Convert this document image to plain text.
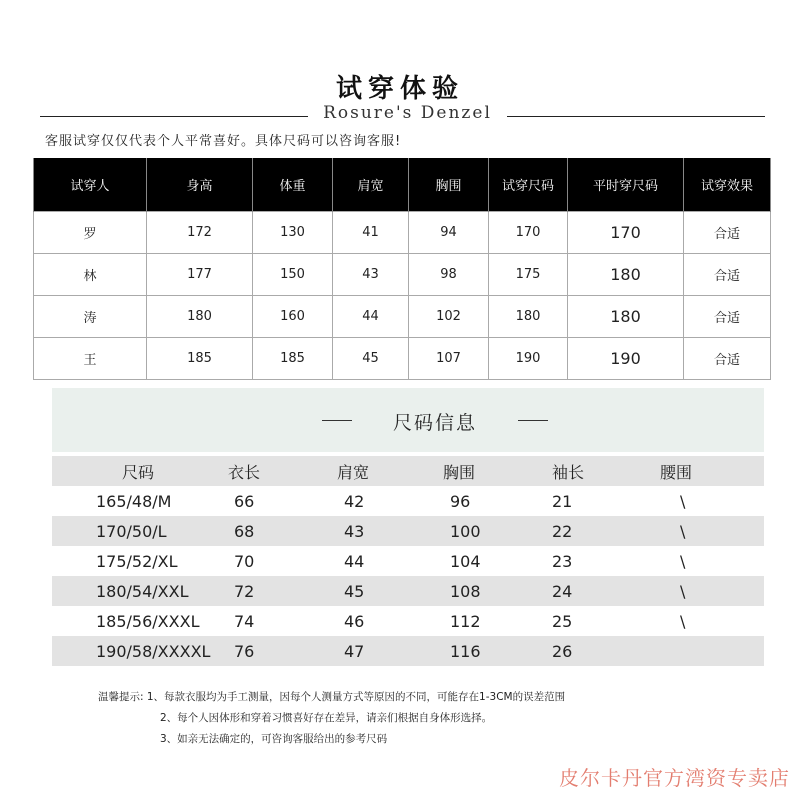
试穿体验
Rosure's Denzel
客服试穿仅仅代表个人平常喜好。具体尺码可以咨询客服!
试穿人	身高	体重	肩宽	胸围	试穿尺码	平时穿尺码	试穿效果
罗	172	130	41	94	170	170	合适
林	177	150	43	98	175	180	合适
涛	180	160	44	102	180	180	合适
王	185	185	45	107	190	190	合适
尺码信息
尺码	衣长	肩宽	胸围	袖长	腰围
165/48/M	66	42	96	21	\
170/50/L	68	43	100	22	\
175/52/XL	70	44	104	23	\
180/54/XXL	72	45	108	24	\
185/56/XXXL 74	46	112	25	\
190/58/XXXXL 76	47	116	26
温馨提示: 1、每款衣服均为手工测量，因每个人测量方式等原因的不同，可能存在1-3CM的误差范围
2、每个人因体形和穿着习惯喜好存在差异，请亲们根据自身体形选择。
3、如亲无法确定的，可咨询客服给出的参考尺码
皮尔卡丹官方湾资专卖店
